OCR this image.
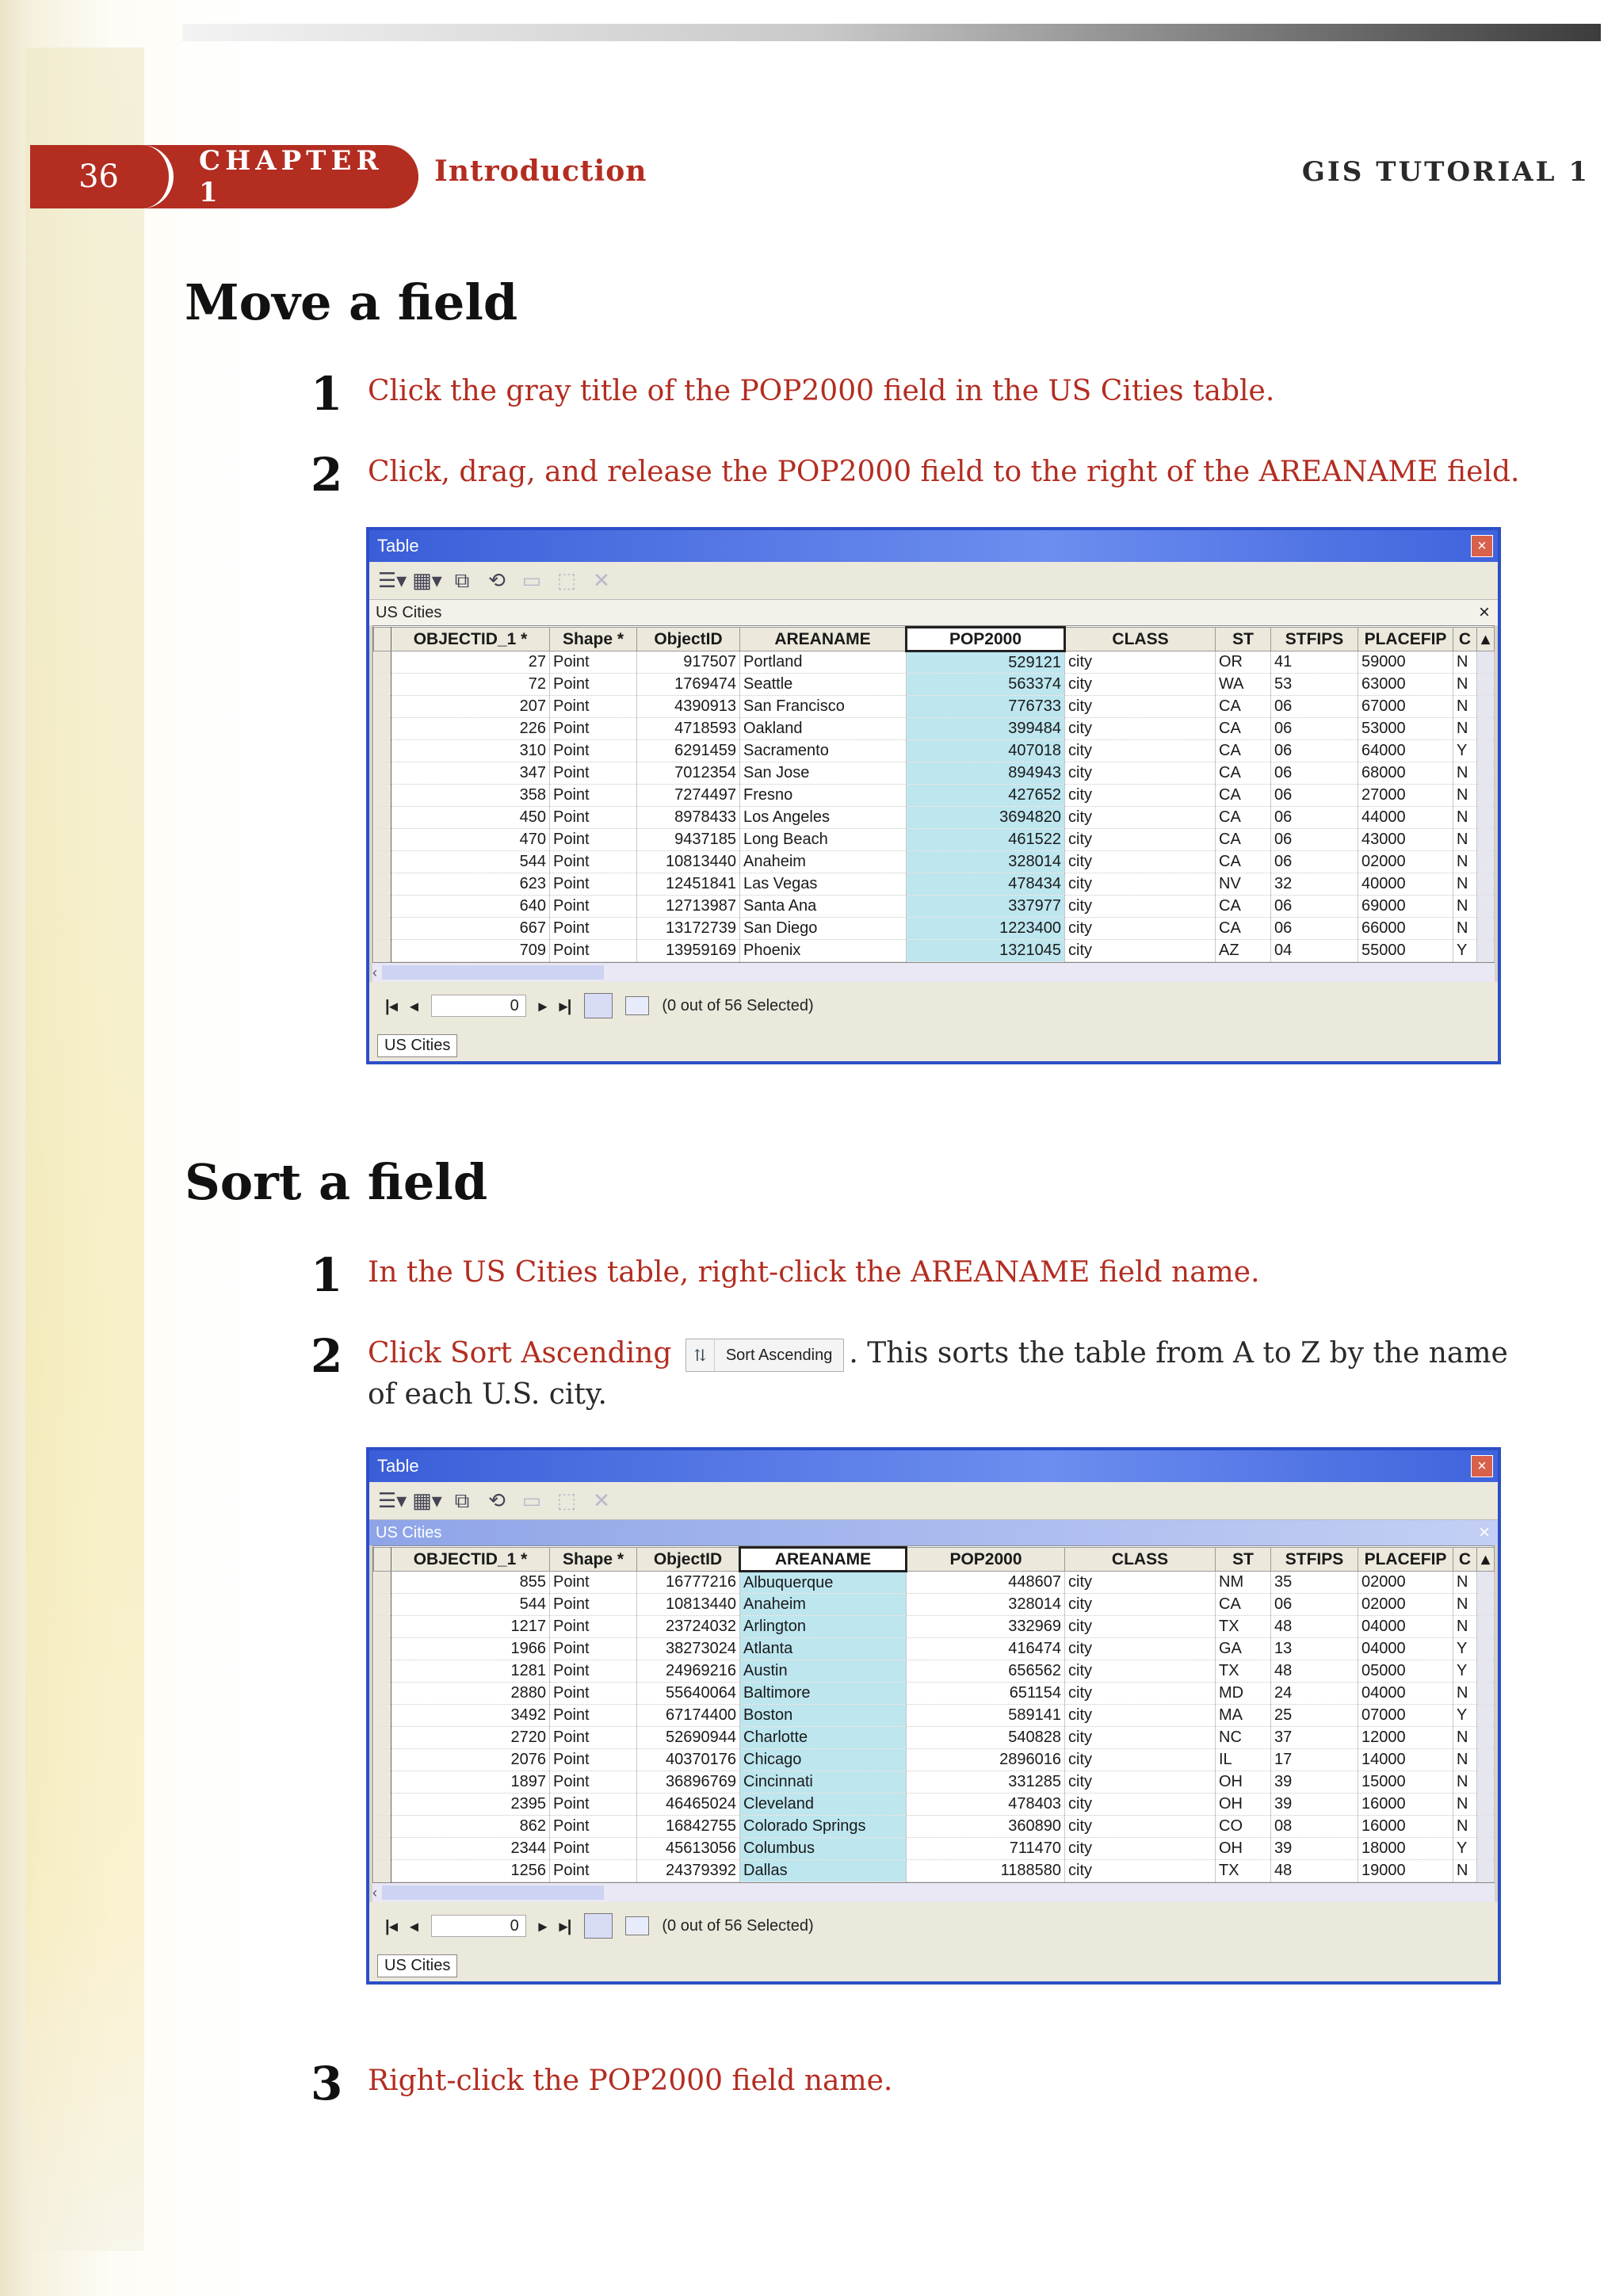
36	CHAPTER 1
Introduction	GIS TUTORIAL 1
Move a field
1 Click the gray title of the POP2000 field in the US Cities table.
2 Click, drag, and release the POP2000 field to the right of the AREANAME field.
Table	×
☰▾ ▦▾ ⧉ ⟲ ▭ ⬚ ✕
US Cities	×
	OBJECTID_1 *	Shape *	ObjectID	AREANAME	POP2000	CLASS	ST	STFIPS	PLACEFIP	C	▴
	27	Point	917507	Portland	529121	city	OR	41	59000	N	
	72	Point	1769474	Seattle	563374	city	WA	53	63000	N	
	207	Point	4390913	San Francisco	776733	city	CA	06	67000	N	
	226	Point	4718593	Oakland	399484	city	CA	06	53000	N	
	310	Point	6291459	Sacramento	407018	city	CA	06	64000	Y	
	347	Point	7012354	San Jose	894943	city	CA	06	68000	N	
	358	Point	7274497	Fresno	427652	city	CA	06	27000	N	
	450	Point	8978433	Los Angeles	3694820	city	CA	06	44000	N	
	470	Point	9437185	Long Beach	461522	city	CA	06	43000	N	
	544	Point	10813440	Anaheim	328014	city	CA	06	02000	N	
	623	Point	12451841	Las Vegas	478434	city	NV	32	40000	N	
	640	Point	12713987	Santa Ana	337977	city	CA	06	69000	N	
	667	Point	13172739	San Diego	1223400	city	CA	06	66000	N	
	709	Point	13959169	Phoenix	1321045	city	AZ	04	55000	Y	
‹
|◂ ◂	0	▸ ▸|	(0 out of 56 Selected)
US Cities
Sort a field
1 In the US Cities table, right-click the AREANAME field name.
2 Click Sort Ascending	⇅	Sort Ascending . This sorts the table from A to Z by the name of each U.S. city.
Table	×
☰▾ ▦▾ ⧉ ⟲ ▭ ⬚ ✕
US Cities	×
	OBJECTID_1 *	Shape *	ObjectID	AREANAME	POP2000	CLASS	ST	STFIPS	PLACEFIP	C	▴
	855	Point	16777216	Albuquerque	448607	city	NM	35	02000	N	
	544	Point	10813440	Anaheim	328014	city	CA	06	02000	N	
	1217	Point	23724032	Arlington	332969	city	TX	48	04000	N	
	1966	Point	38273024	Atlanta	416474	city	GA	13	04000	Y	
	1281	Point	24969216	Austin	656562	city	TX	48	05000	Y	
	2880	Point	55640064	Baltimore	651154	city	MD	24	04000	N	
	3492	Point	67174400	Boston	589141	city	MA	25	07000	Y	
	2720	Point	52690944	Charlotte	540828	city	NC	37	12000	N	
	2076	Point	40370176	Chicago	2896016	city	IL	17	14000	N	
	1897	Point	36896769	Cincinnati	331285	city	OH	39	15000	N	
	2395	Point	46465024	Cleveland	478403	city	OH	39	16000	N	
	862	Point	16842755	Colorado Springs	360890	city	CO	08	16000	N	
	2344	Point	45613056	Columbus	711470	city	OH	39	18000	Y	
	1256	Point	24379392	Dallas	1188580	city	TX	48	19000	N	
‹
|◂ ◂	0	▸ ▸|	(0 out of 56 Selected)
US Cities
3 Right-click the POP2000 field name.
